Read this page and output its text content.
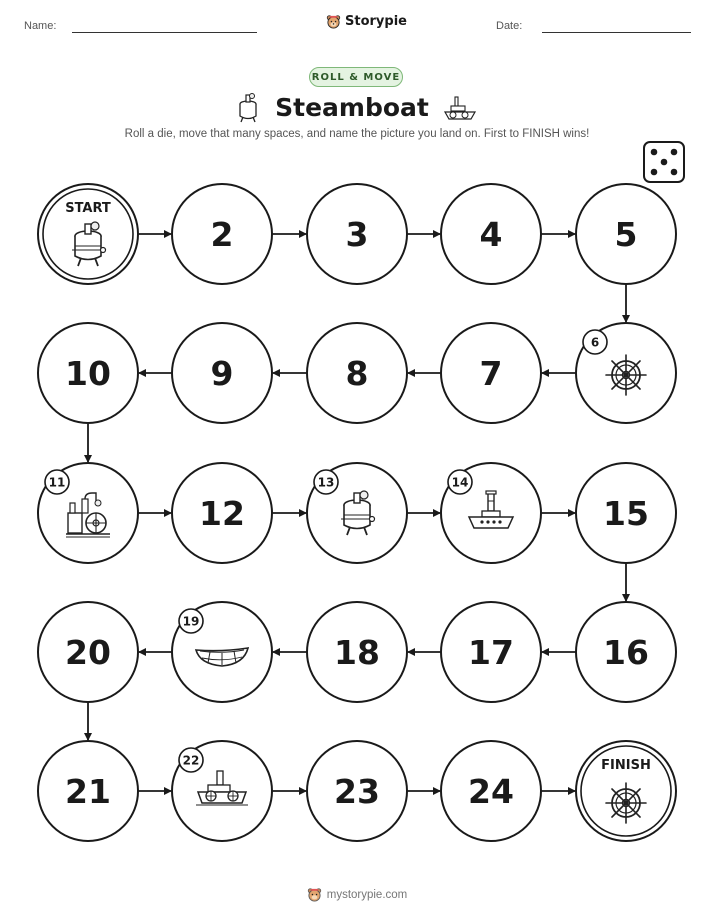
Name:	Storypie	Date:
ROLL & MOVE
Steamboat
Roll a die, move that many spaces, and name the picture you land on. First to FINISH wins!
START
2	3	4	5
6
7
8
9
10
11
12
13	14
15
16
17
18
19
20
21
22
23	24
FINISH
mystorypie.com
